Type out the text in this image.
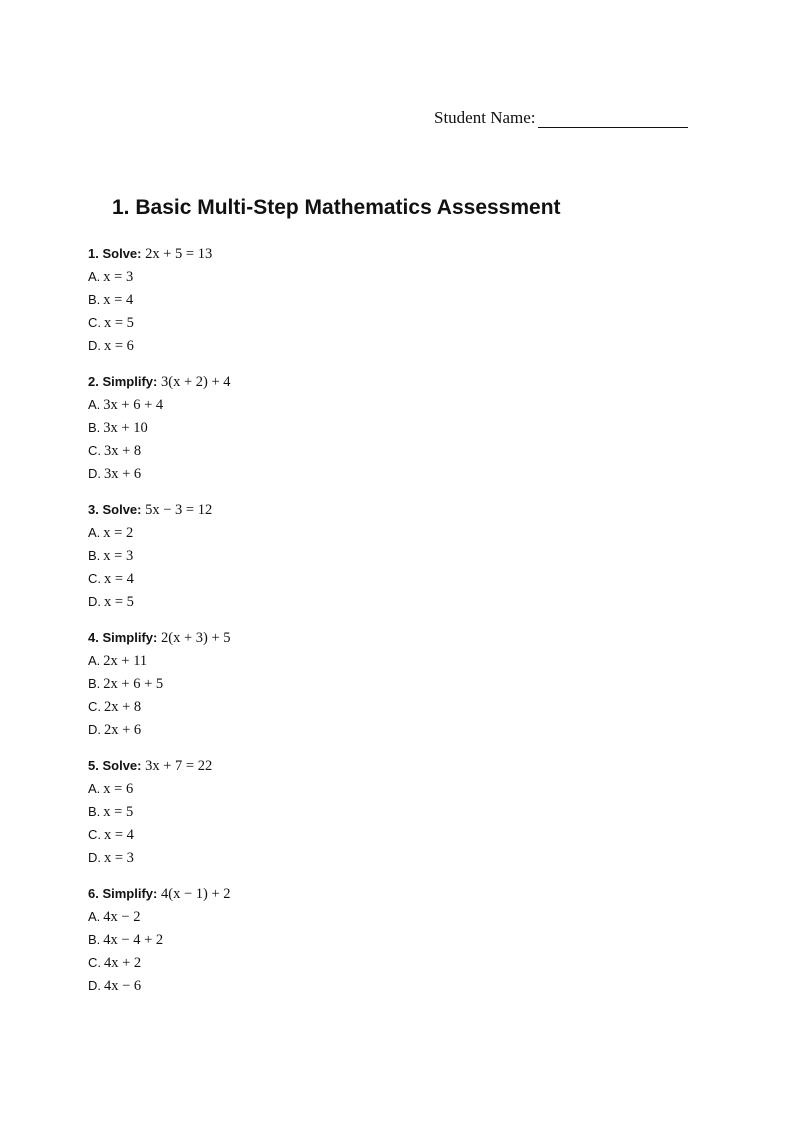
Student Name:
1. Basic Multi-Step Mathematics Assessment
1. Solve: 2x + 5 = 13
A. x = 3
B. x = 4
C. x = 5
D. x = 6
2. Simplify: 3(x + 2) + 4
A. 3x + 6 + 4
B. 3x + 10
C. 3x + 8
D. 3x + 6
3. Solve: 5x − 3 = 12
A. x = 2
B. x = 3
C. x = 4
D. x = 5
4. Simplify: 2(x + 3) + 5
A. 2x + 11
B. 2x + 6 + 5
C. 2x + 8
D. 2x + 6
5. Solve: 3x + 7 = 22
A. x = 6
B. x = 5
C. x = 4
D. x = 3
6. Simplify: 4(x − 1) + 2
A. 4x − 2
B. 4x − 4 + 2
C. 4x + 2
D. 4x − 6
